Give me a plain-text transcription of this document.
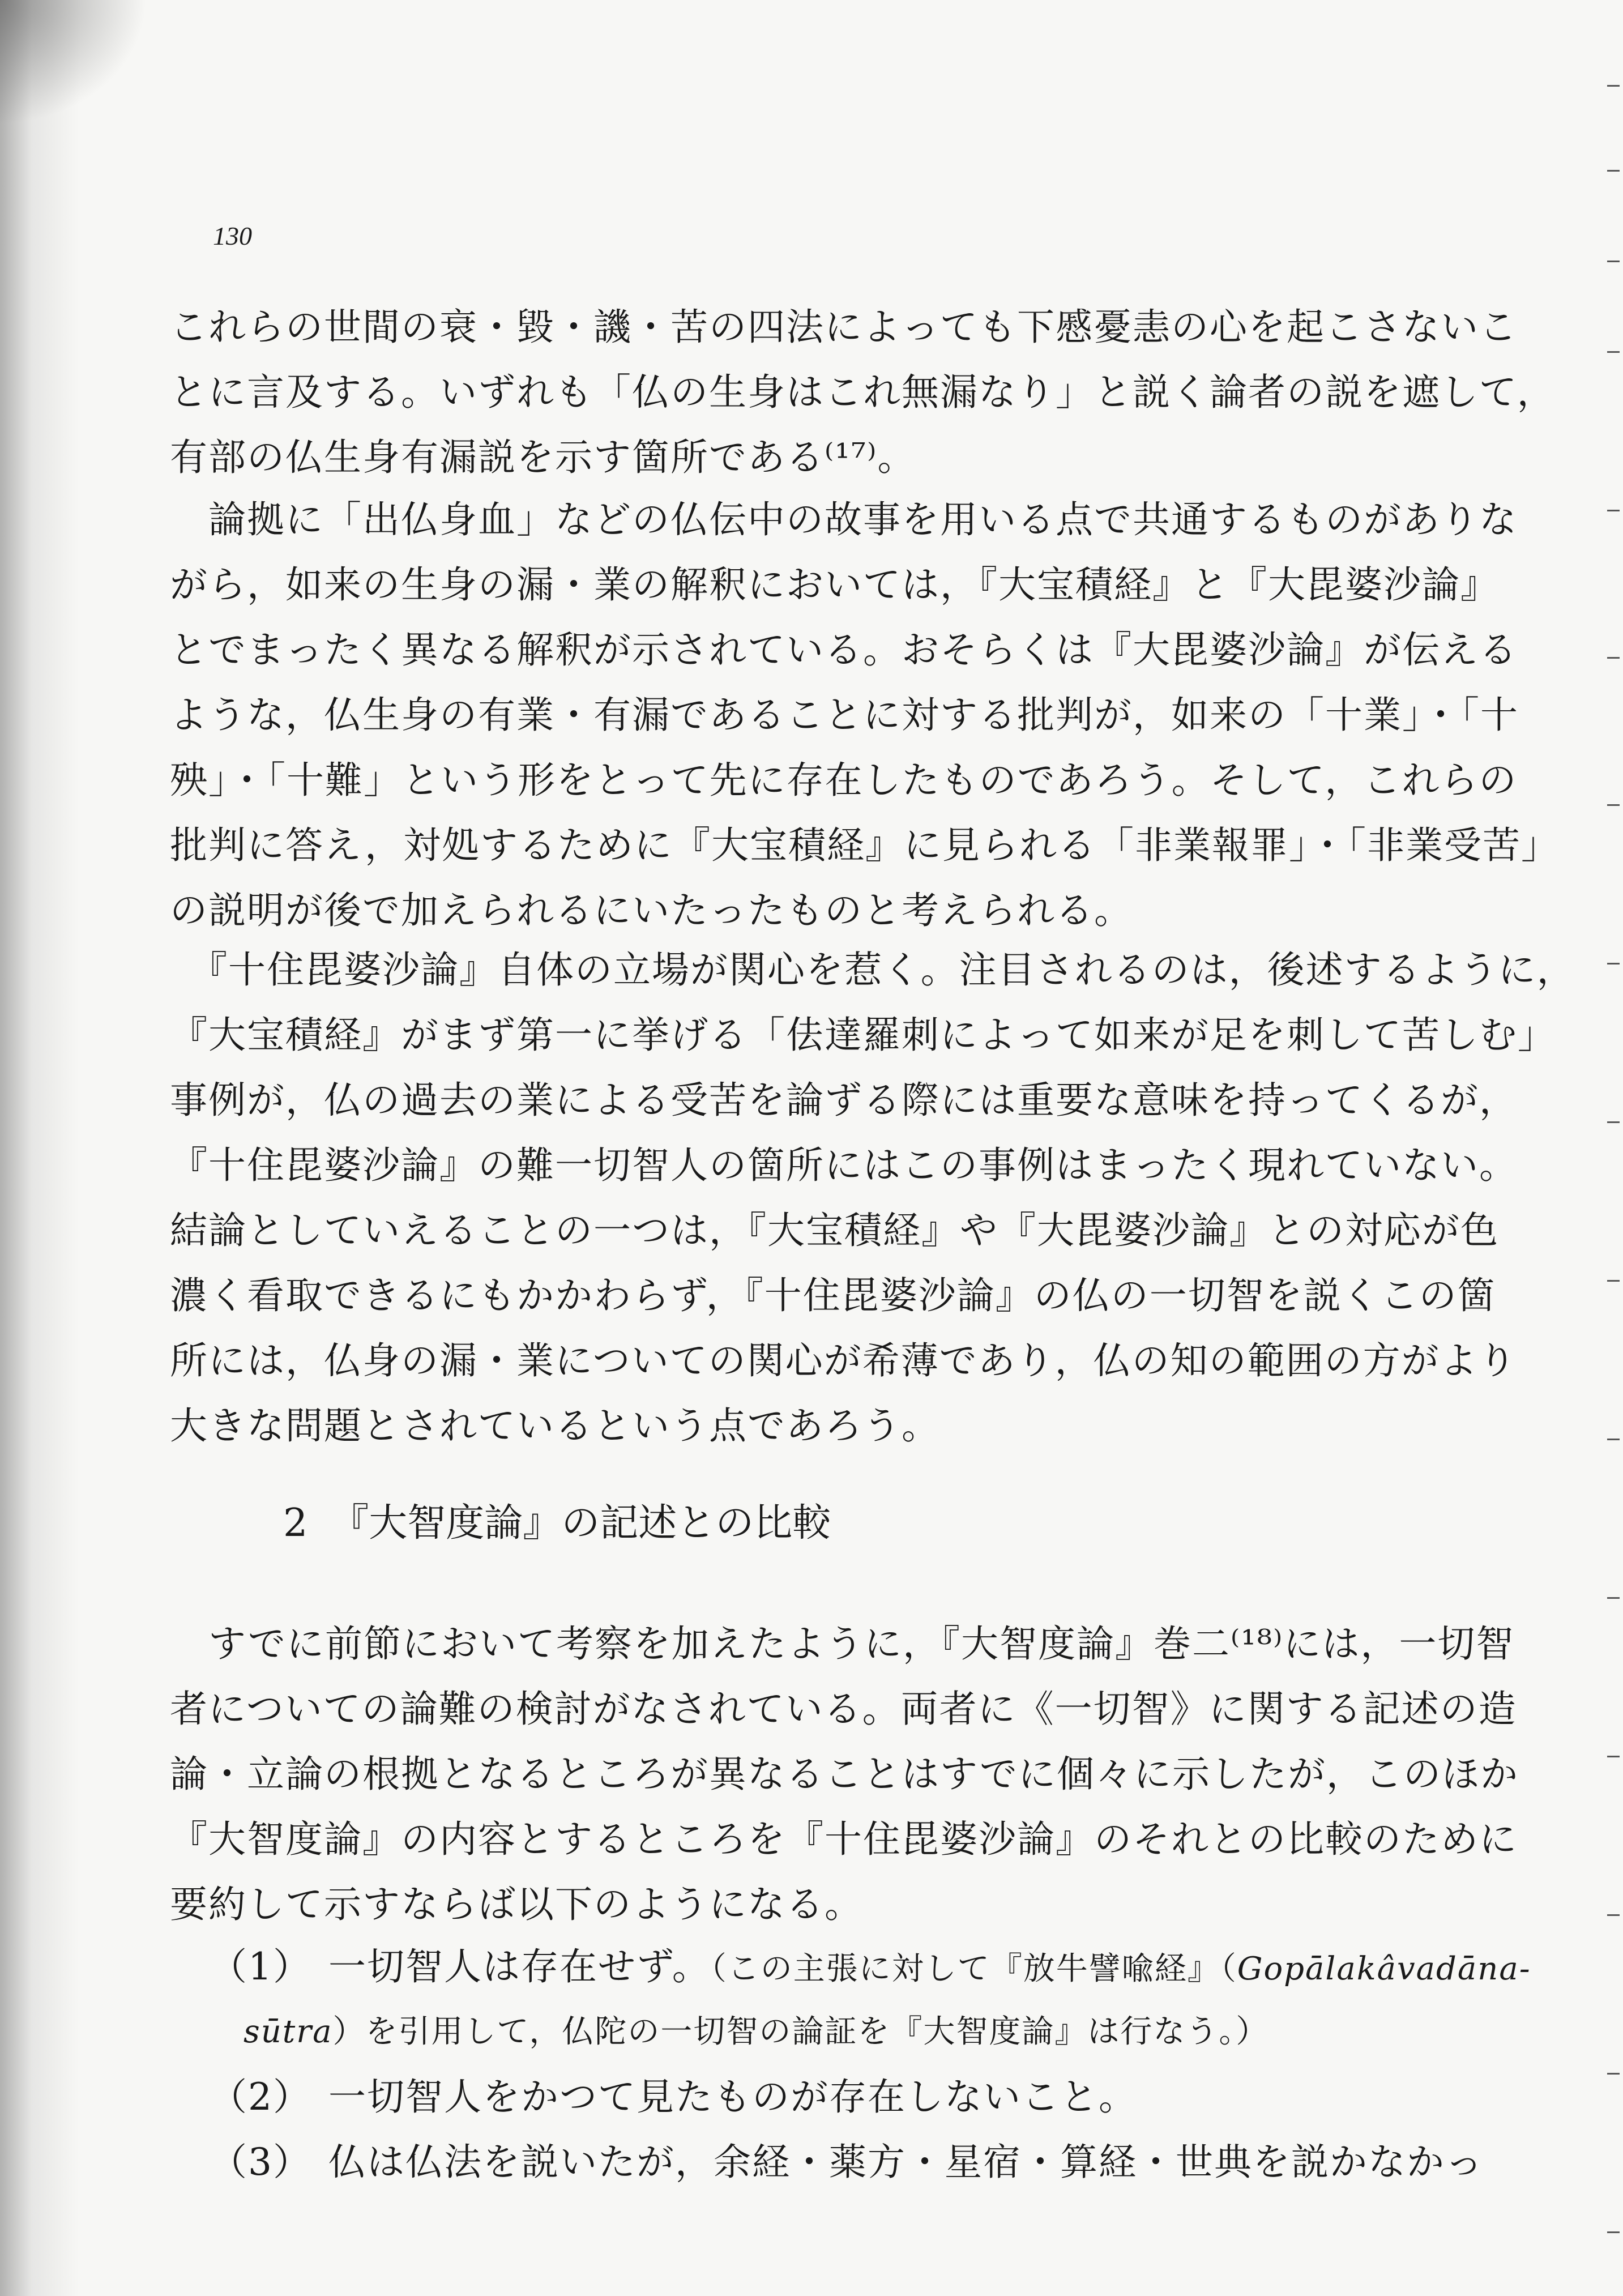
130
これらの世間の衰・毀・譏・苦の四法によっても下慼憂恚の心を起こさないこ
とに言及する。いずれも「仏の生身はこれ無漏なり」と説く論者の説を遮して，
有部の仏生身有漏説を示す箇所である⁽¹⁷⁾。
　論拠に「出仏身血」などの仏伝中の故事を用いる点で共通するものがありな
がら，如来の生身の漏・業の解釈においては，『大宝積経』と『大毘婆沙論』
とでまったく異なる解釈が示されている。おそらくは『大毘婆沙論』が伝える
ような，仏生身の有業・有漏であることに対する批判が，如来の「十業」・「十
殃」・「十難」という形をとって先に存在したものであろう。そして，これらの
批判に答え，対処するために『大宝積経』に見られる「非業報罪」・「非業受苦」
の説明が後で加えられるにいたったものと考えられる。
　『十住毘婆沙論』自体の立場が関心を惹く。注目されるのは，後述するように，
『大宝積経』がまず第一に挙げる「佉達羅刺によって如来が足を刺して苦しむ」
事例が，仏の過去の業による受苦を論ずる際には重要な意味を持ってくるが，
『十住毘婆沙論』の難一切智人の箇所にはこの事例はまったく現れていない。
結論としていえることの一つは，『大宝積経』や『大毘婆沙論』との対応が色
濃く看取できるにもかかわらず，『十住毘婆沙論』の仏の一切智を説くこの箇
所には，仏身の漏・業についての関心が希薄であり，仏の知の範囲の方がより
大きな問題とされているという点であろう。
2 『大智度論』の記述との比較
　すでに前節において考察を加えたように，『大智度論』巻二⁽¹⁸⁾には，一切智
者についての論難の検討がなされている。両者に《一切智》に関する記述の造
論・立論の根拠となるところが異なることはすでに個々に示したが，このほか
『大智度論』の内容とするところを『十住毘婆沙論』のそれとの比較のために
要約して示すならば以下のようになる。
（1） 一切智人は存在せず。（この主張に対して『放牛譬喩経』（Gopālakâvadāna-
sūtra）を引用して，仏陀の一切智の論証を『大智度論』は行なう。）
（2） 一切智人をかつて見たものが存在しないこと。
（3） 仏は仏法を説いたが，余経・薬方・星宿・算経・世典を説かなかっ
